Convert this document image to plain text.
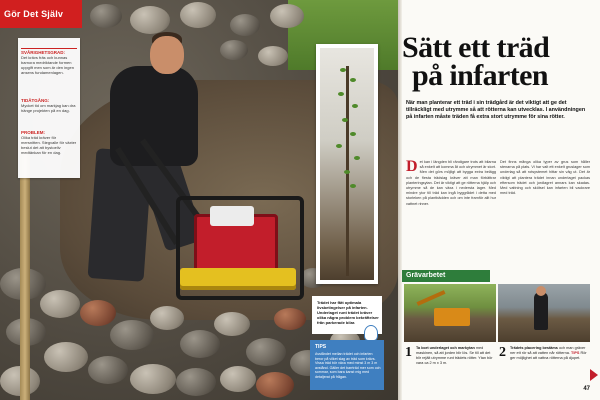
Gör Det Själv
SVÅRIGHETSGRAD:
Det krävs fräs och kunnas barnora medriktande formen uppgift men som är den ingen ansens fundamenlagen.
TIDÅTGÅNG:
Mycket tid om markjag kan dra hänge projekten på en dag.
PROBLEM:
Olika träd kräver för mersnitten. Stegvalle för växter beslut det att bystoeliv medtänkan för en dag.
Trädet har fått optimala livsbetingelser på infarten. Underlaget runt trädet kräver olika några problem bekräftelser från parkerade bilar.
TIPS
Avståndet mellan trädet och infarten beror på vilket slag av träd som krävs. Vissa träd bör växa med minst 3 m 3 m avstånd. Gäller det barrträd mer som och sommar, som bara kanst mig med detaljerat på frågan.
Sätt ett träd
på infarten
När man planterar ett träd i sin trädgård är det viktigt att ge det tillräckligt med utrymme så att rötterna kan utvecklas. I användningen på infarten måste träden få extra stort utrymme för sina rötter.
Det kan i längden bli rändigare trots att bilarna så enkelt att komma åt och utrymmet är stort. Men det görs möjligt att bygga extra belägg och de flesta trädslag kräver att man förbättrar planteringsytan. Det är viktigt att ge rötterna hjälp och utrymme så de kan växa i nedersta lager. Med mindre ytor till träd kan ingå byggrådet i detta med storleken på plantbädden och om inte framför allt hur vattnet rinner.
Det finns många olika typer av grus som håller stenarna på plats. Vi har valt ett enkelt gruslager som underlag så att rotsystemet hittar sin väg ut. Det är viktigt att plantera trädet innan underlaget packas eftersom trädet och jordlagret annars kan skadas. Med vattning och skötsel kan infarten bli vackrare med träd.
Grävarbetet
1 Ta bort underlaget och markytan med maskinen, så att jorden blir lös. Se till att det blir rejält utrymme runt trädets rötter. Ytan bör vara ca 2 m x 3 m.
2 Trädets placering bestäms och man gräver ner ett rör så att vatten når rötterna. TIPS Rör ger möjlighet att vattna rötterna på djupet.
47
